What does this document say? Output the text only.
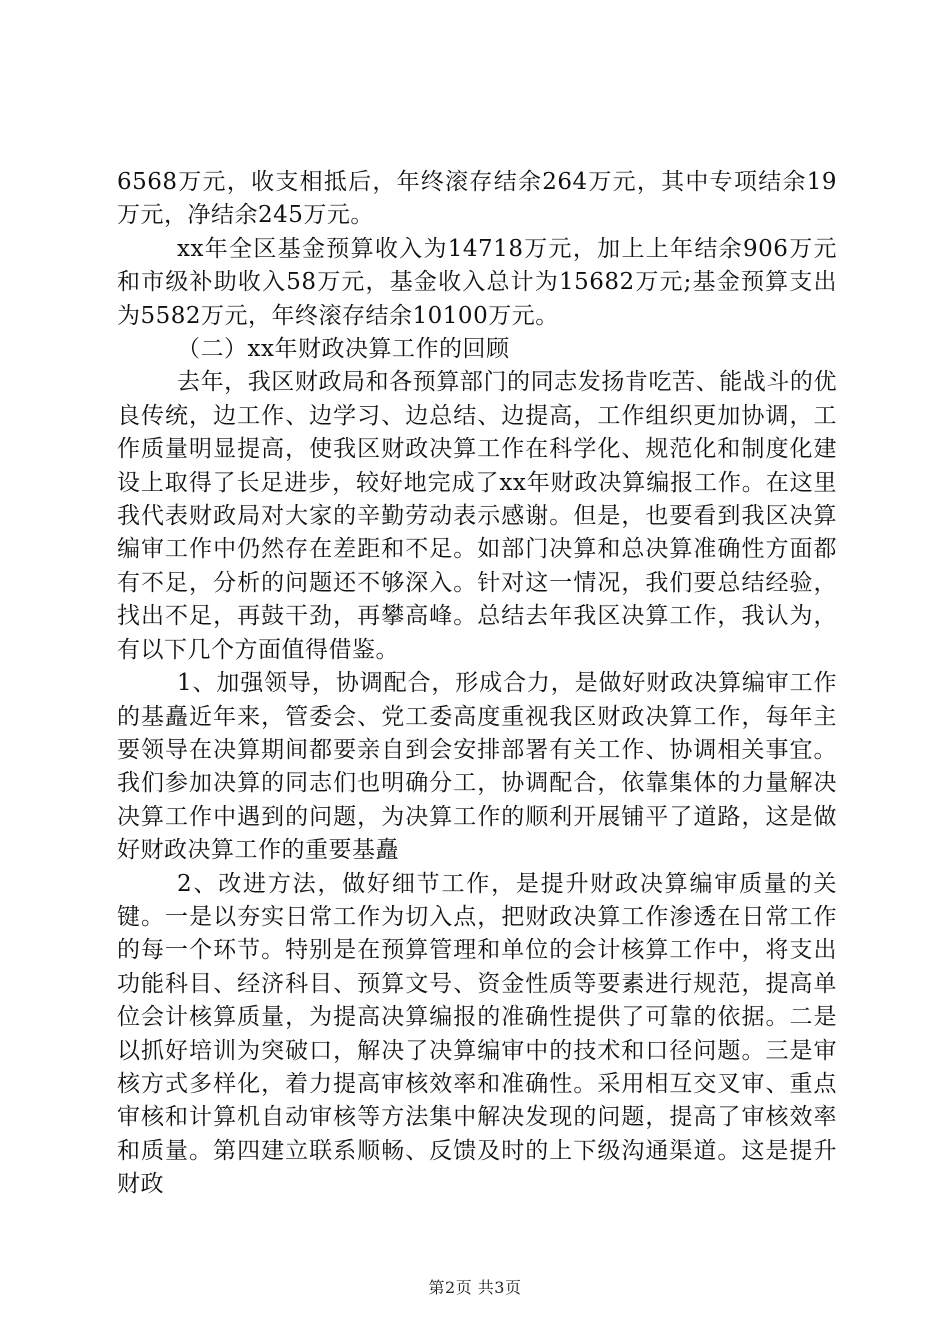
6568万元，收支相抵后，年终滚存结余264万元，其中专项结余19万元，净结余245万元。

xx年全区基金预算收入为14718万元，加上上年结余906万元和市级补助收入58万元，基金收入总计为15682万元;基金预算支出为5582万元，年终滚存结余10100万元。

（二）xx年财政决算工作的回顾

去年，我区财政局和各预算部门的同志发扬肯吃苦、能战斗的优良传统，边工作、边学习、边总结、边提高，工作组织更加协调，工作质量明显提高，使我区财政决算工作在科学化、规范化和制度化建设上取得了长足进步，较好地完成了xx年财政决算编报工作。在这里我代表财政局对大家的辛勤劳动表示感谢。但是，也要看到我区决算编审工作中仍然存在差距和不足。如部门决算和总决算准确性方面都有不足，分析的问题还不够深入。针对这一情况，我们要总结经验，找出不足，再鼓干劲，再攀高峰。总结去年我区决算工作，我认为，有以下几个方面值得借鉴。

1、加强领导，协调配合，形成合力，是做好财政决算编审工作的基矗近年来，管委会、党工委高度重视我区财政决算工作，每年主要领导在决算期间都要亲自到会安排部署有关工作、协调相关事宜。我们参加决算的同志们也明确分工，协调配合，依靠集体的力量解决决算工作中遇到的问题，为决算工作的顺利开展铺平了道路，这是做好财政决算工作的重要基矗

2、改进方法，做好细节工作，是提升财政决算编审质量的关键。一是以夯实日常工作为切入点，把财政决算工作渗透在日常工作的每一个环节。特别是在预算管理和单位的会计核算工作中，将支出功能科目、经济科目、预算文号、资金性质等要素进行规范，提高单位会计核算质量，为提高决算编报的准确性提供了可靠的依据。二是以抓好培训为突破口，解决了决算编审中的技术和口径问题。三是审核方式多样化，着力提高审核效率和准确性。采用相互交叉审、重点审核和计算机自动审核等方法集中解决发现的问题，提高了审核效率和质量。第四建立联系顺畅、反馈及时的上下级沟通渠道。这是提升财政

第2页 共3页
